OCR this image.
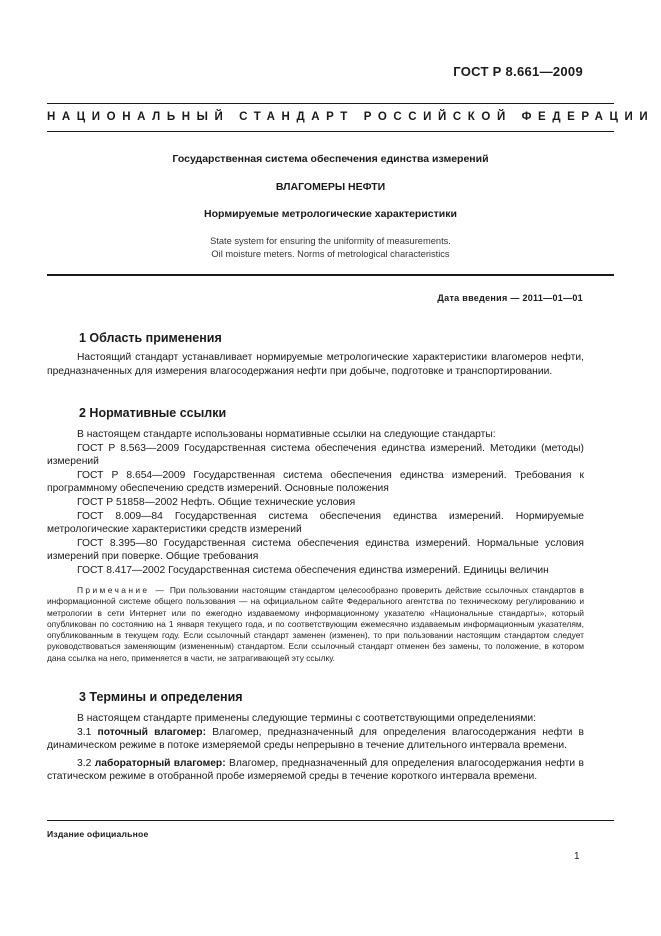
ГОСТ Р 8.661—2009
НАЦИОНАЛЬНЫЙ СТАНДАРТ РОССИЙСКОЙ ФЕДЕРАЦИИ
Государственная система обеспечения единства измерений
ВЛАГОМЕРЫ НЕФТИ
Нормируемые метрологические характеристики
State system for ensuring the uniformity of measurements.
Oil moisture meters. Norms of metrological characteristics
Дата введения — 2011—01—01
1 Область применения

Настоящий стандарт устанавливает нормируемые метрологические характеристики влагомеров нефти, предназначенных для измерения влагосодержания нефти при добыче, подготовке и транспортировании.

2 Нормативные ссылки

В настоящем стандарте использованы нормативные ссылки на следующие стандарты:

ГОСТ Р 8.563—2009 Государственная система обеспечения единства измерений. Методики (методы) измерений

ГОСТ Р 8.654—2009 Государственная система обеспечения единства измерений. Требования к программному обеспечению средств измерений. Основные положения

ГОСТ Р 51858—2002 Нефть. Общие технические условия

ГОСТ 8.009—84 Государственная система обеспечения единства измерений. Нормируемые метрологические характеристики средств измерений

ГОСТ 8.395—80 Государственная система обеспечения единства измерений. Нормальные условия измерений при поверке. Общие требования

ГОСТ 8.417—2002 Государственная система обеспечения единства измерений. Единицы величин

Примечание — При пользовании настоящим стандартом целесообразно проверить действие ссылочных стандартов в информационной системе общего пользования — на официальном сайте Федерального агентства по техническому регулированию и метрологии в сети Интернет или по ежегодно издаваемому информационному указателю «Национальные стандарты», который опубликован по состоянию на 1 января текущего года, и по соответствующим ежемесячно издаваемым информационным указателям, опубликованным в текущем году. Если ссылочный стандарт заменен (изменен), то при пользовании настоящим стандартом следует руководствоваться заменяющим (измененным) стандартом. Если ссылочный стандарт отменен без замены, то положение, в котором дана ссылка на него, применяется в части, не затрагивающей эту ссылку.

3 Термины и определения

В настоящем стандарте применены следующие термины с соответствующими определениями:

3.1 поточный влагомер: Влагомер, предназначенный для определения влагосодержания нефти в динамическом режиме в потоке измеряемой среды непрерывно в течение длительного интервала времени.

3.2 лабораторный влагомер: Влагомер, предназначенный для определения влагосодержания нефти в статическом режиме в отобранной пробе измеряемой среды в течение короткого интервала времени.

Издание официальное
1
